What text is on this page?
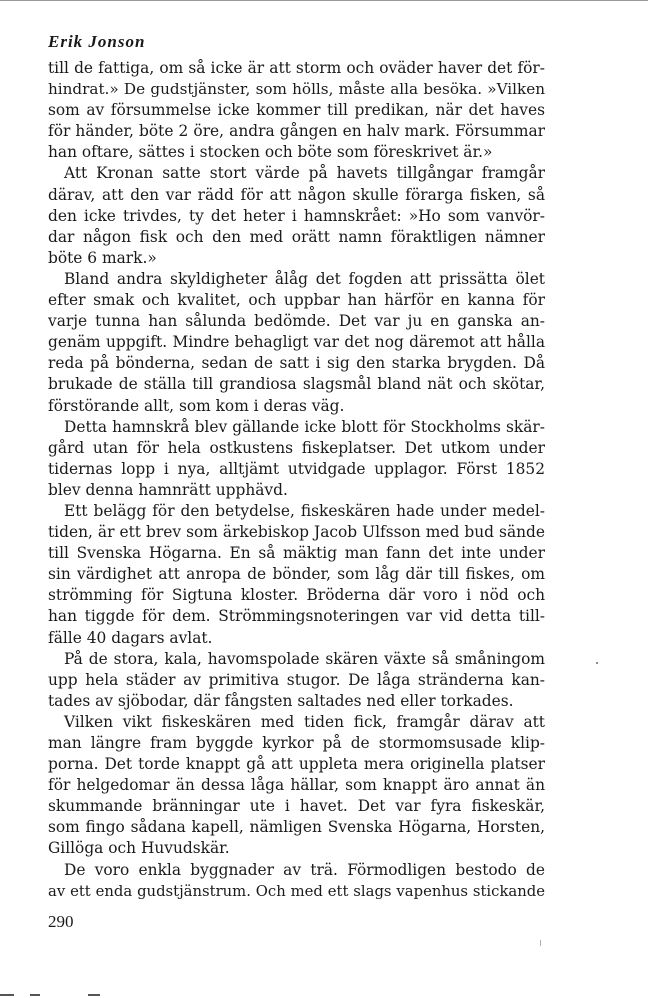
Erik Jonson
till de fattiga, om så icke är att storm och oväder haver det för-
hindrat.» De gudstjänster, som hölls, måste alla besöka. »Vilken
som av försummelse icke kommer till predikan, när det haves
för händer, böte 2 öre, andra gången en halv mark. Försummar
han oftare, sättes i stocken och böte som föreskrivet är.»
Att Kronan satte stort värde på havets tillgångar framgår
därav, att den var rädd för att någon skulle förarga fisken, så
den icke trivdes, ty det heter i hamnskrået: »Ho som vanvör-
dar någon fisk och den med orätt namn föraktligen nämner
böte 6 mark.»
Bland andra skyldigheter ålåg det fogden att prissätta ölet
efter smak och kvalitet, och uppbar han härför en kanna för
varje tunna han sålunda bedömde. Det var ju en ganska an-
genäm uppgift. Mindre behagligt var det nog däremot att hålla
reda på bönderna, sedan de satt i sig den starka brygden. Då
brukade de ställa till grandiosa slagsmål bland nät och skötar,
förstörande allt, som kom i deras väg.
Detta hamnskrå blev gällande icke blott för Stockholms skär-
gård utan för hela ostkustens fiskeplatser. Det utkom under
tidernas lopp i nya, alltjämt utvidgade upplagor. Först 1852
blev denna hamnrätt upphävd.
Ett belägg för den betydelse, fiskeskären hade under medel-
tiden, är ett brev som ärkebiskop Jacob Ulfsson med bud sände
till Svenska Högarna. En så mäktig man fann det inte under
sin värdighet att anropa de bönder, som låg där till fiskes, om
strömming för Sigtuna kloster. Bröderna där voro i nöd och
han tiggde för dem. Strömmingsnoteringen var vid detta till-
fälle 40 dagars avlat.
På de stora, kala, havomspolade skären växte så småningom
upp hela städer av primitiva stugor. De låga stränderna kan-
tades av sjöbodar, där fångsten saltades ned eller torkades.
Vilken vikt fiskeskären med tiden fick, framgår därav att
man längre fram byggde kyrkor på de stormomsusade klip-
porna. Det torde knappt gå att uppleta mera originella platser
för helgedomar än dessa låga hällar, som knappt äro annat än
skummande bränningar ute i havet. Det var fyra fiskeskär,
som fingo sådana kapell, nämligen Svenska Högarna, Horsten,
Gillöga och Huvudskär.
De voro enkla byggnader av trä. Förmodligen bestodo de
av ett enda gudstjänstrum. Och med ett slags vapenhus stickande
290
